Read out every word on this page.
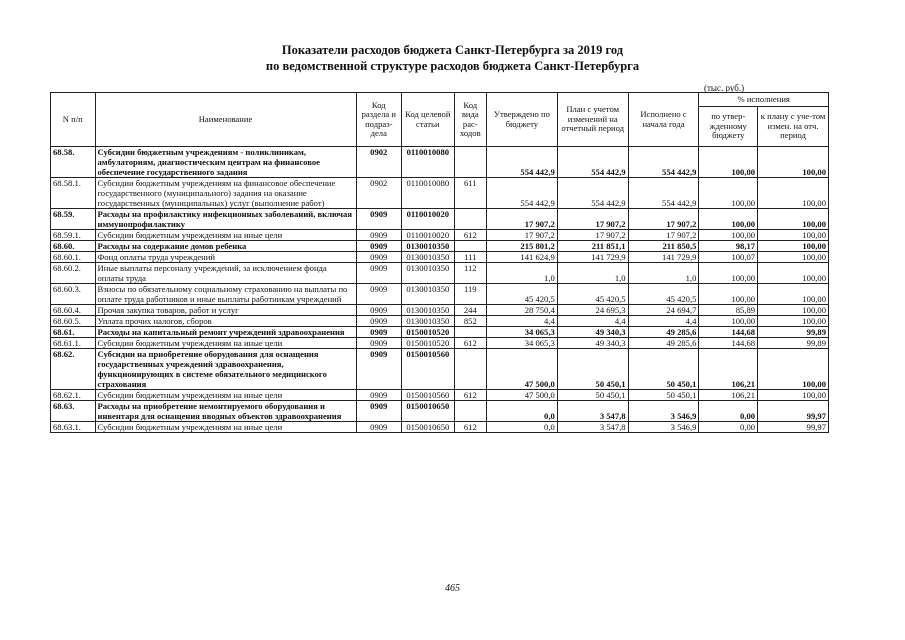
Показатели расходов бюджета Санкт-Петербурга за 2019 год
по ведомственной структуре расходов бюджета Санкт-Петербурга
(тыс. руб.)
N п/п	Наименование	Код раздела и подраз-дела	Код целевой статьи	Код вида рас-ходов	Утверждено по бюджету	План с учетом изменений на отчетный период	Исполнено с начала года	% исполнения	
								по утвер-жденному бюджету	к плану с уче-том измен. на отч. период
68.58.	Субсидии бюджетным учреждениям - поликлиникам, амбулаториям, диагностическим центрам на финансовое обеспечение государственного задания	0902	0110010080		554 442,9	554 442,9	554 442,9	100,00	100,00
68.58.1.	Субсидии бюджетным учреждениям на финансовое обеспечение государственного (муниципального) задания на оказание государственных (муниципальных) услуг (выполнение работ)	0902	0110010080	611	554 442,9	554 442,9	554 442,9	100,00	100,00
68.59.	Расходы на профилактику инфекционных заболеваний, включая иммунопрофилактику	0909	0110010020		17 907,2	17 907,2	17 907,2	100,00	100,00
68.59.1.	Субсидии бюджетным учреждениям на иные цели	0909	0110010020	612	17 907,2	17 907,2	17 907,2	100,00	100,00
68.60.	Расходы на содержание домов ребенка	0909	0130010350		215 801,2	211 851,1	211 850,5	98,17	100,00
68.60.1.	Фонд оплаты труда учреждений	0909	0130010350	111	141 624,9	141 729,9	141 729,9	100,07	100,00
68.60.2.	Иные выплаты персоналу учреждений, за исключением фонда оплаты труда	0909	0130010350	112	1,0	1,0	1,0	100,00	100,00
68.60.3.	Взносы по обязательному социальному страхованию на выплаты по оплате труда работников и иные выплаты работникам учреждений	0909	0130010350	119	45 420,5	45 420,5	45 420,5	100,00	100,00
68.60.4.	Прочая закупка товаров, работ и услуг	0909	0130010350	244	28 750,4	24 695,3	24 694,7	85,89	100,00
68.60.5.	Уплата прочих налогов, сборов	0909	0130010350	852	4,4	4,4	4,4	100,00	100,00
68.61.	Расходы на капитальный ремонт учреждений здравоохранения	0909	0150010520		34 065,3	49 340,3	49 285,6	144,68	99,89
68.61.1.	Субсидии бюджетным учреждениям на иные цели	0909	0150010520	612	34 065,3	49 340,3	49 285,6	144,68	99,89
68.62.	Субсидии на приобретение оборудования для оснащения государственных учреждений здравоохранения, функционирующих в системе обязательного медицинского страхования	0909	0150010560		47 500,0	50 450,1	50 450,1	106,21	100,00
68.62.1.	Субсидии бюджетным учреждениям на иные цели	0909	0150010560	612	47 500,0	50 450,1	50 450,1	106,21	100,00
68.63.	Расходы на приобретение немонтируемого оборудования и инвентаря для оснащения вводных объектов здравоохранения	0909	0150010650		0,0	3 547,8	3 546,9	0,00	99,97
68.63.1.	Субсидии бюджетным учреждениям на иные цели	0909	0150010650	612	0,0	3 547,8	3 546,9	0,00	99,97
465
